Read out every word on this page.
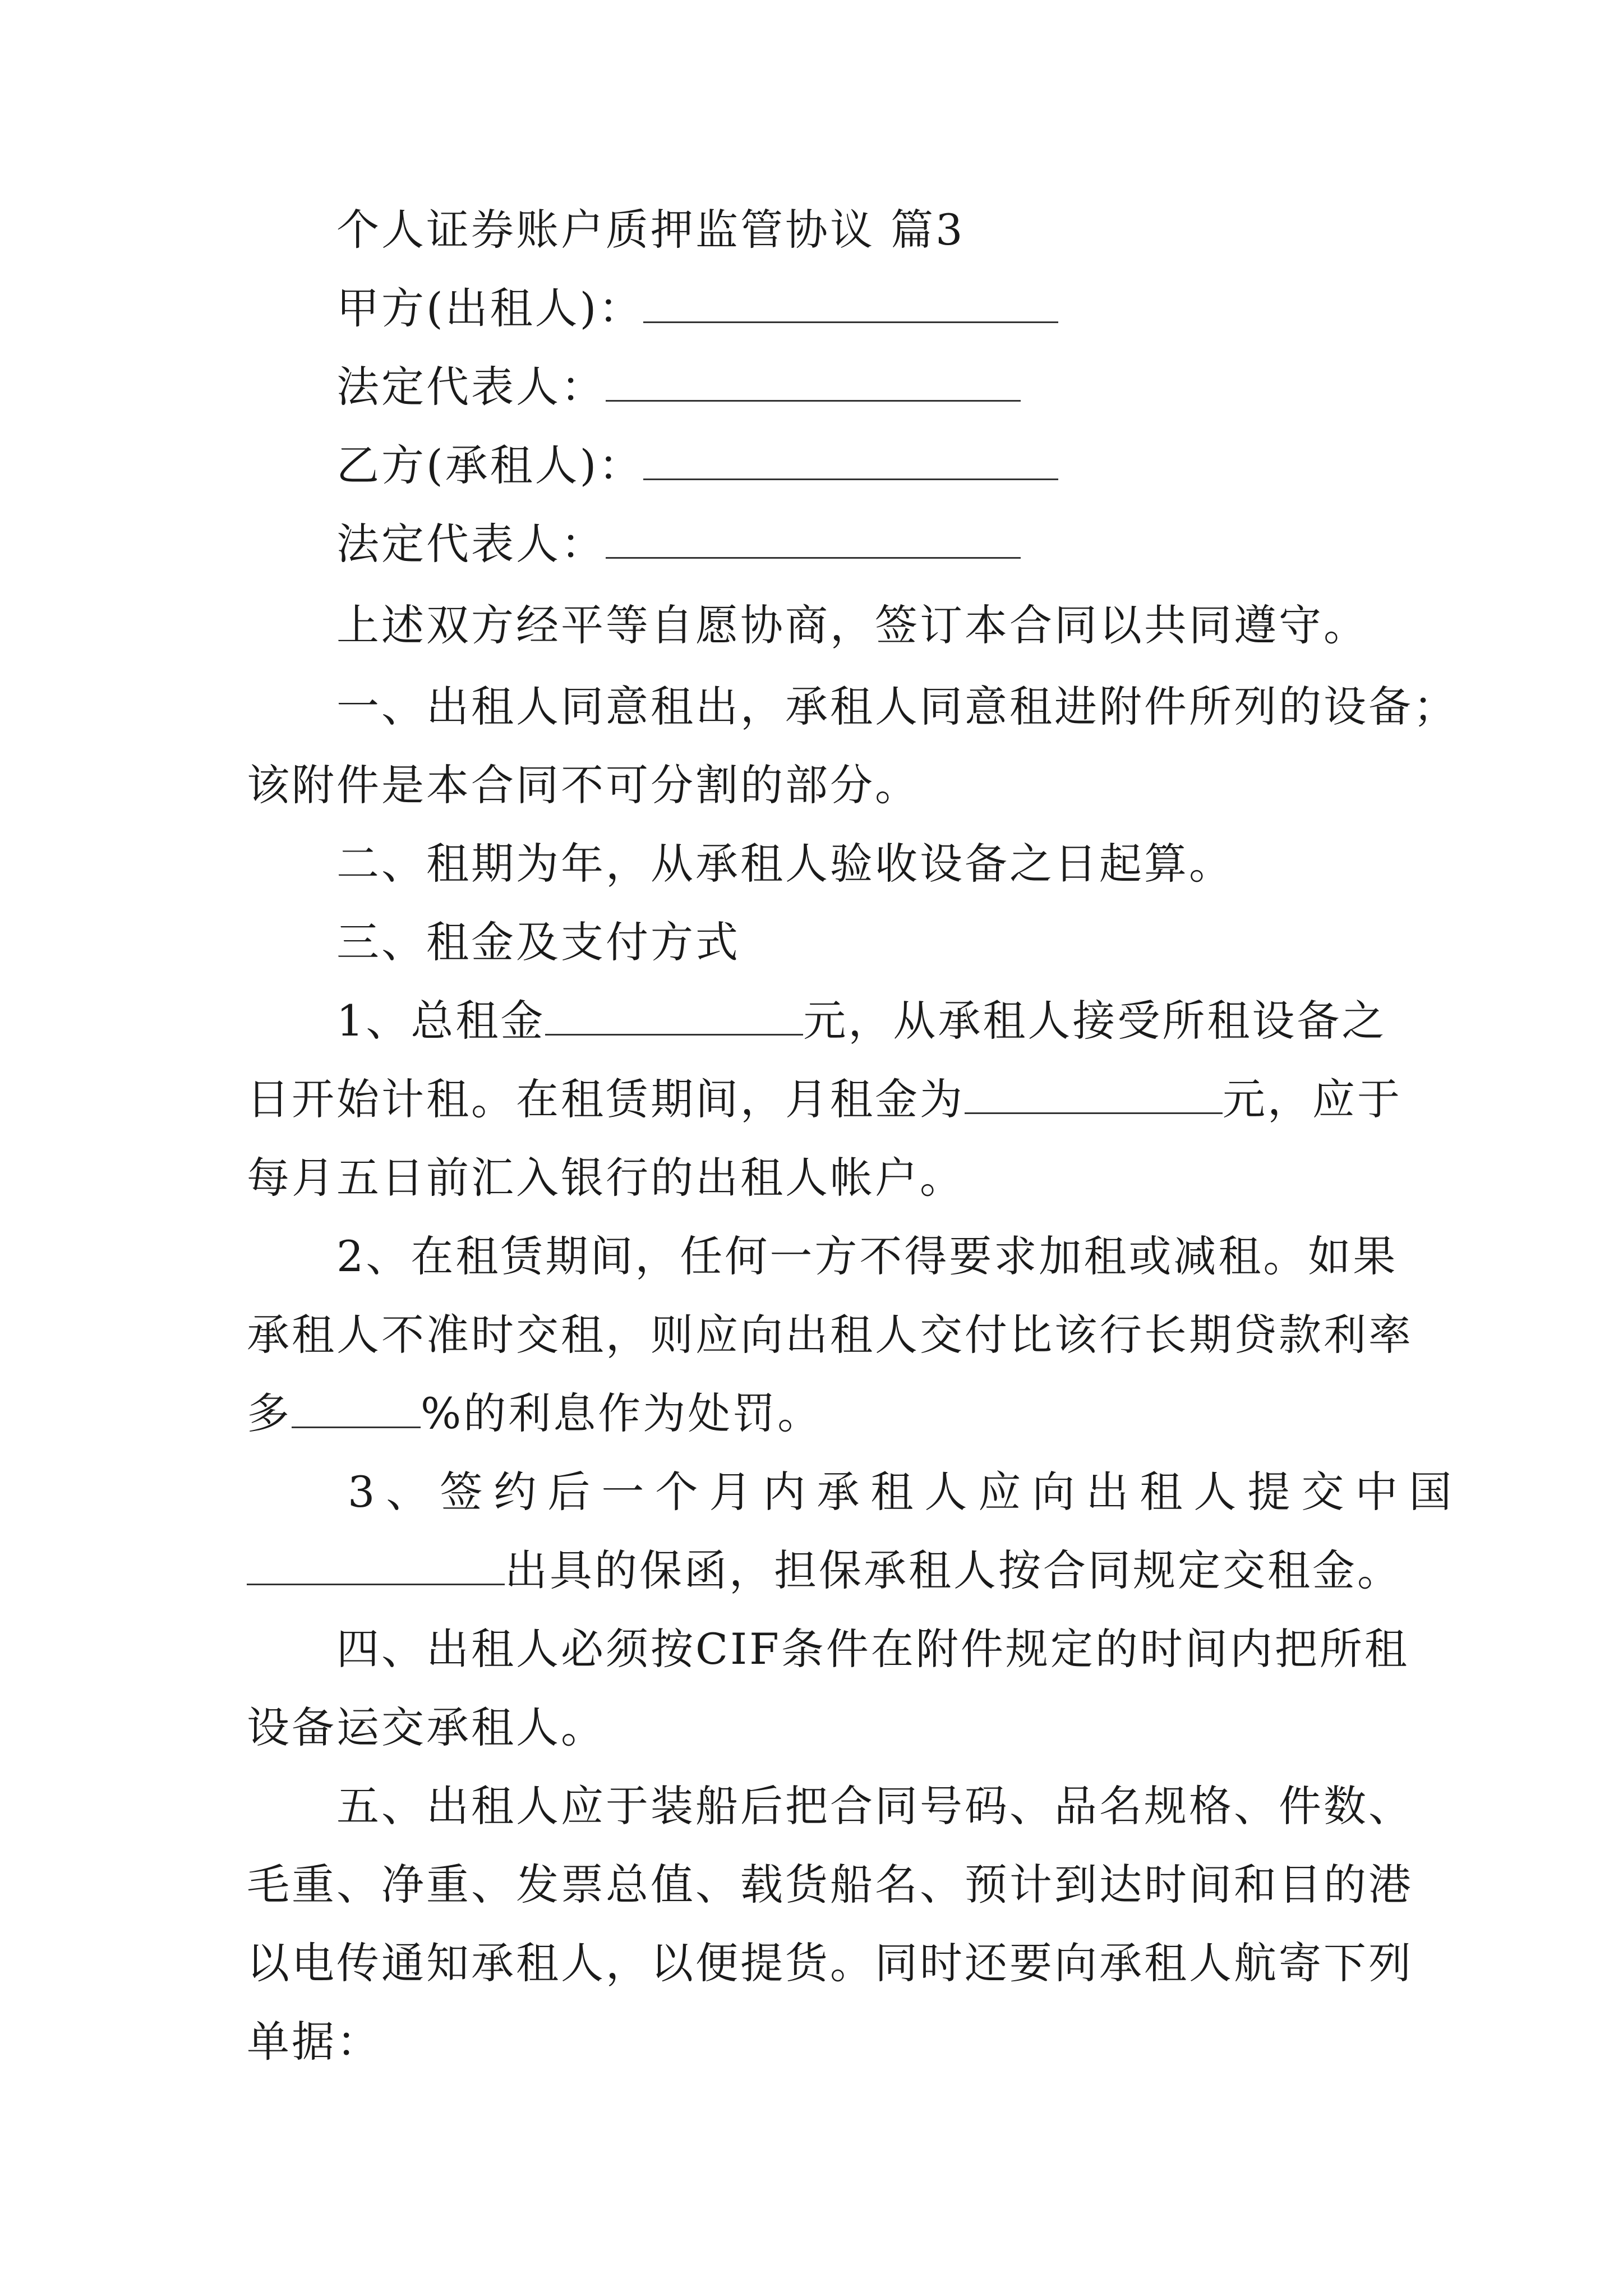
个人证券账户质押监管协议 篇3
甲方(出租人)：
法定代表人：
乙方(承租人)：
法定代表人：
上述双方经平等自愿协商，签订本合同以共同遵守。
一、出租人同意租出，承租人同意租进附件所列的设备；
该附件是本合同不可分割的部分。
二、租期为年，从承租人验收设备之日起算。
三、租金及支付方式
1、总租金	元，从承租人接受所租设备之
日开始计租。在租赁期间，月租金为	元，应于
每月五日前汇入银行的出租人帐户。
2、在租赁期间，任何一方不得要求加租或减租。如果
承租人不准时交租，则应向出租人交付比该行长期贷款利率
多	%的利息作为处罚。
3、签约后一个月内承租人应向出租人提交中国
出具的保函，担保承租人按合同规定交租金。
四、出租人必须按CIF条件在附件规定的时间内把所租
设备运交承租人。
五、出租人应于装船后把合同号码、品名规格、件数、
毛重、净重、发票总值、载货船名、预计到达时间和目的港
以电传通知承租人，以便提货。同时还要向承租人航寄下列
单据：
